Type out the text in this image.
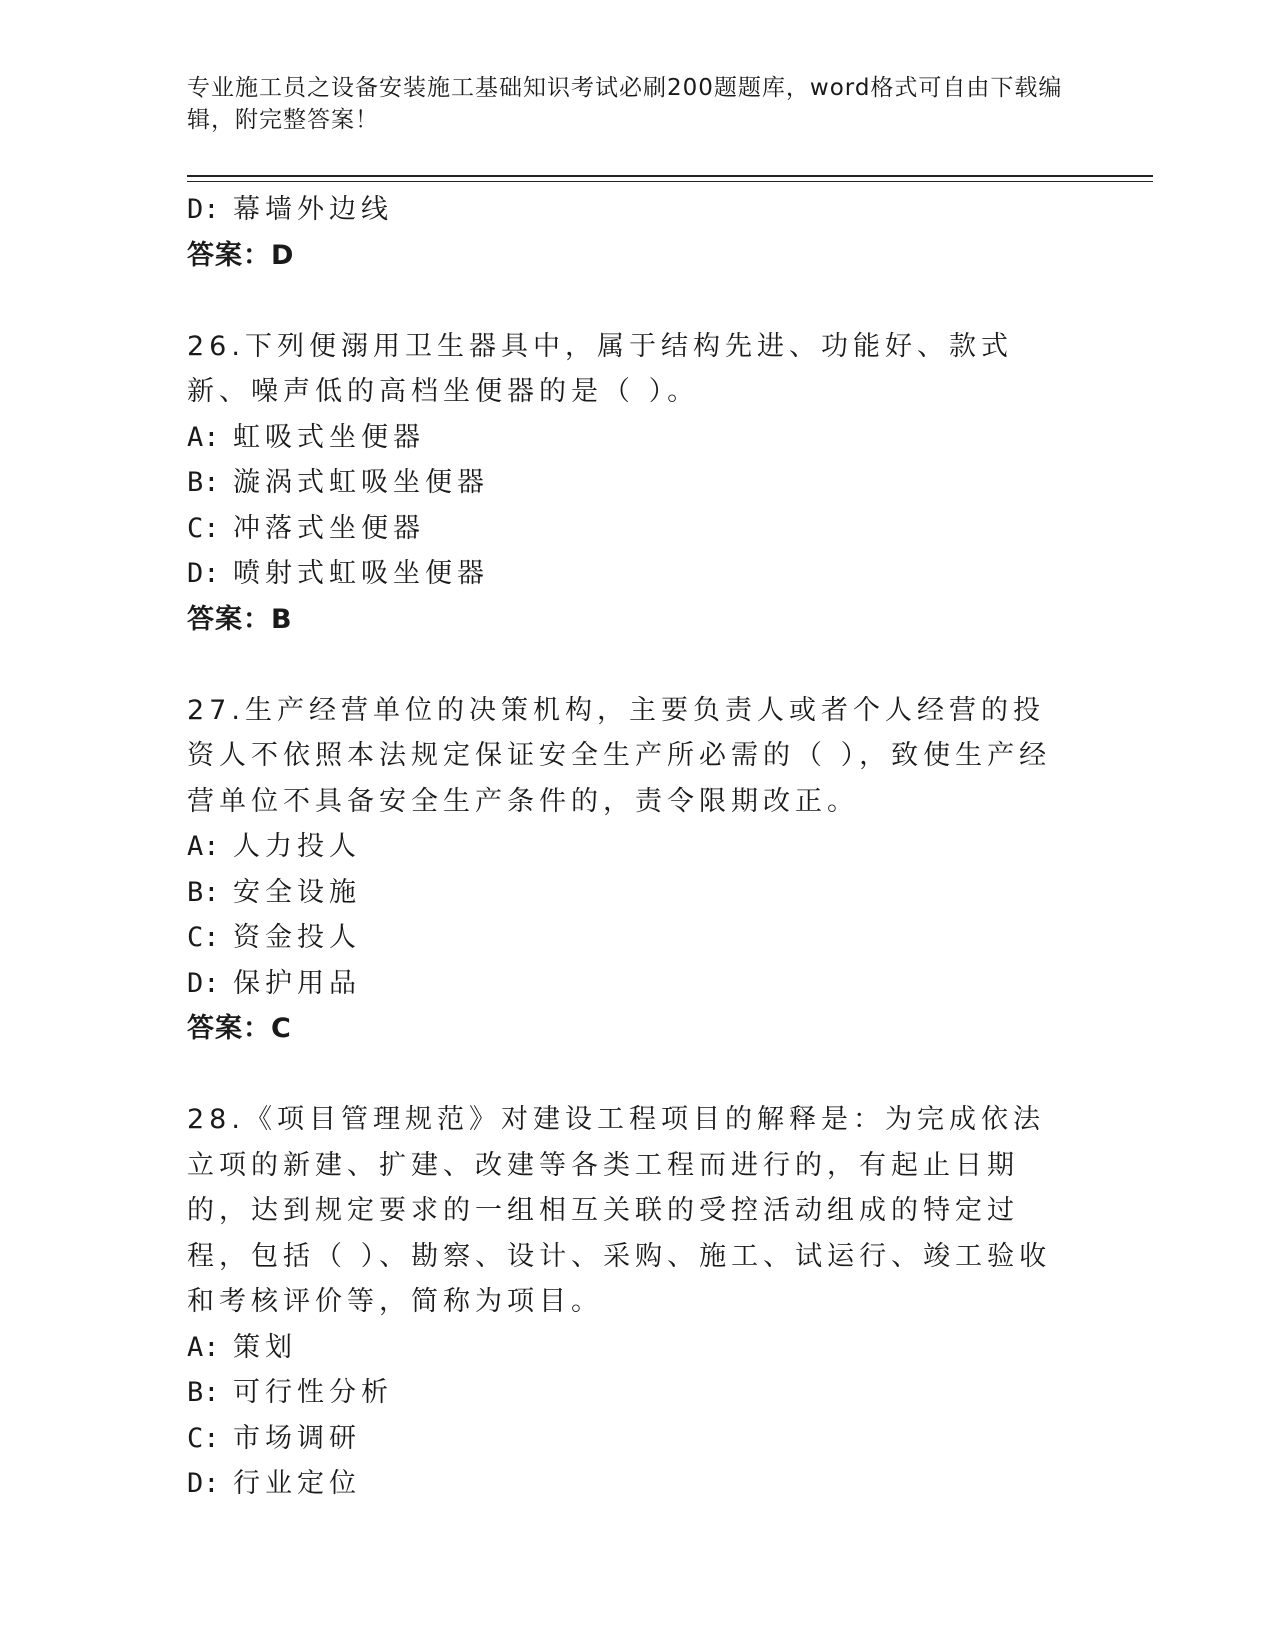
专业施工员之设备安装施工基础知识考试必刷200题题库，word格式可自由下载编辑，附完整答案！
D: 幕墙外边线
答案：D
26.下列便溺用卫生器具中，属于结构先进、功能好、款式新、噪声低的高档坐便器的是（ ）。
A: 虹吸式坐便器
B: 漩涡式虹吸坐便器
C: 冲落式坐便器
D: 喷射式虹吸坐便器
答案：B
27.生产经营单位的决策机构，主要负责人或者个人经营的投资人不依照本法规定保证安全生产所必需的（ ），致使生产经营单位不具备安全生产条件的，责令限期改正。
A: 人力投人
B: 安全设施
C: 资金投人
D: 保护用品
答案：C
28.《项目管理规范》对建设工程项目的解释是：为完成依法立项的新建、扩建、改建等各类工程而进行的，有起止日期的，达到规定要求的一组相互关联的受控活动组成的特定过程，包括（ ）、勘察、设计、采购、施工、试运行、竣工验收和考核评价等，简称为项目。
A: 策划
B: 可行性分析
C: 市场调研
D: 行业定位
